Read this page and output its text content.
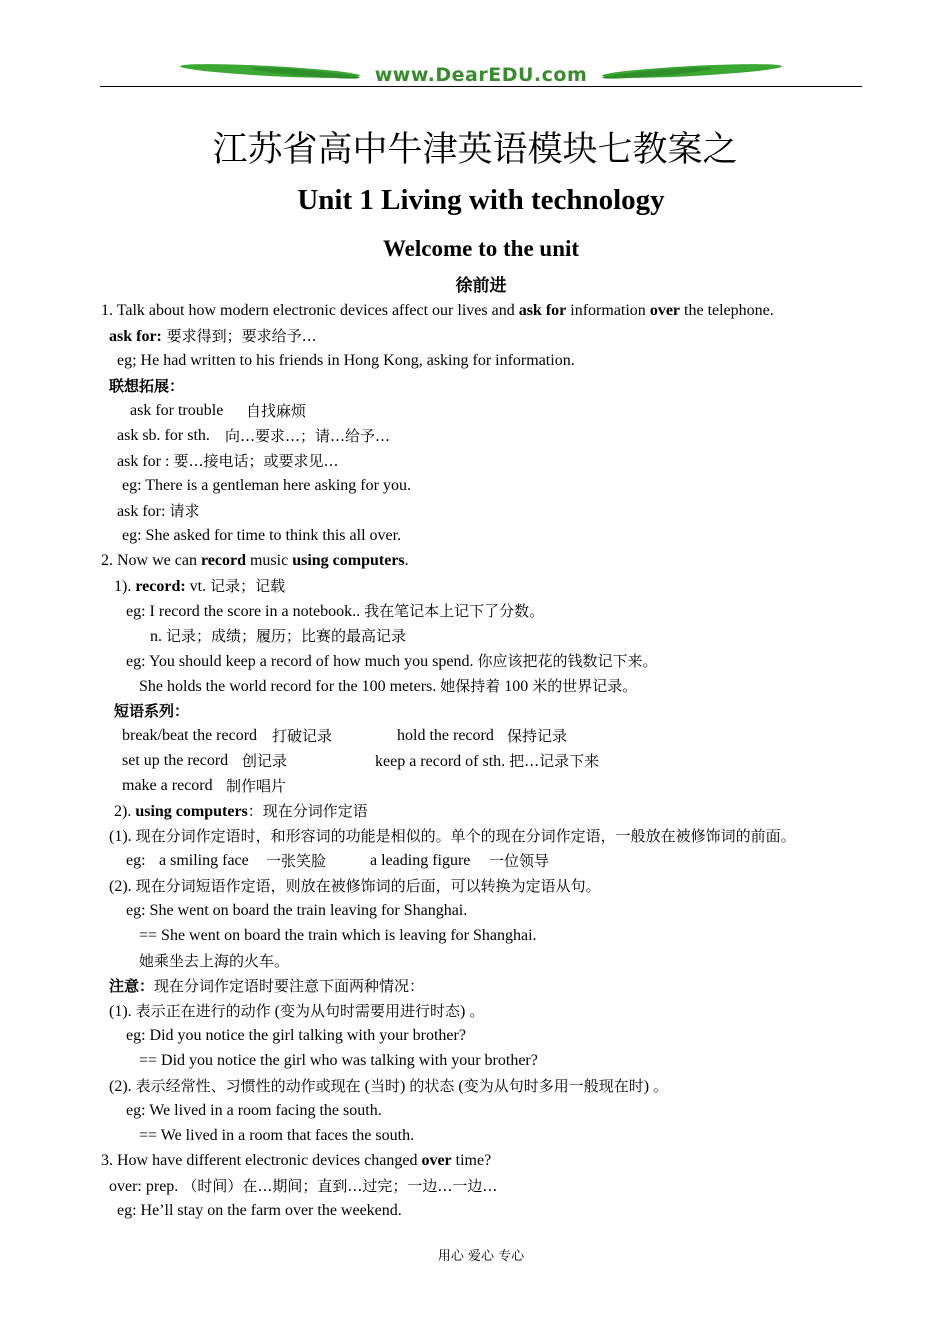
www.DearEDU.com
江苏省高中牛津英语模块七教案之
Unit 1 Living with technology
Welcome to the unit
徐前进
1. Talk about how modern electronic devices affect our lives and ask for information over the telephone.
ask for: 要求得到；要求给予…
eg; He had written to his friends in Hong Kong, asking for information.
联想拓展：
ask for trouble 自找麻烦
ask sb. for sth. 向…要求…；请…给予…
ask for : 要…接电话；或要求见…
eg: There is a gentleman here asking for you.
ask for: 请求
eg: She asked for time to think this all over.
2. Now we can record music using computers.
1). record: vt. 记录；记载
eg: I record the score in a notebook.. 我在笔记本上记下了分数。
n. 记录；成绩；履历；比赛的最高记录
eg: You should keep a record of how much you spend. 你应该把花的钱数记下来。
She holds the world record for the 100 meters. 她保持着 100 米的世界记录。
短语系列：
break/beat the record 打破记录	hold the record 保持记录
set up the record 创记录	keep a record of sth. 把…记录下来
make a record 制作唱片
2). using computers：现在分词作定语
(1). 现在分词作定语时，和形容词的功能是相似的。单个的现在分词作定语，一般放在被修饰词的前面。
eg: a smiling face 一张笑脸	a leading figure 一位领导
(2). 现在分词短语作定语，则放在被修饰词的后面，可以转换为定语从句。
eg: She went on board the train leaving for Shanghai.
== She went on board the train which is leaving for Shanghai.
她乘坐去上海的火车。
注意：现在分词作定语时要注意下面两种情况：
(1). 表示正在进行的动作 (变为从句时需要用进行时态) 。
eg: Did you notice the girl talking with your brother?
== Did you notice the girl who was talking with your brother?
(2). 表示经常性、习惯性的动作或现在 (当时) 的状态 (变为从句时多用一般现在时) 。
eg: We lived in a room facing the south.
== We lived in a room that faces the south.
3. How have different electronic devices changed over time?
over: prep. （时间）在…期间；直到…过完；一边…一边…
eg: He’ll stay on the farm over the weekend.
用心 爱心 专心
